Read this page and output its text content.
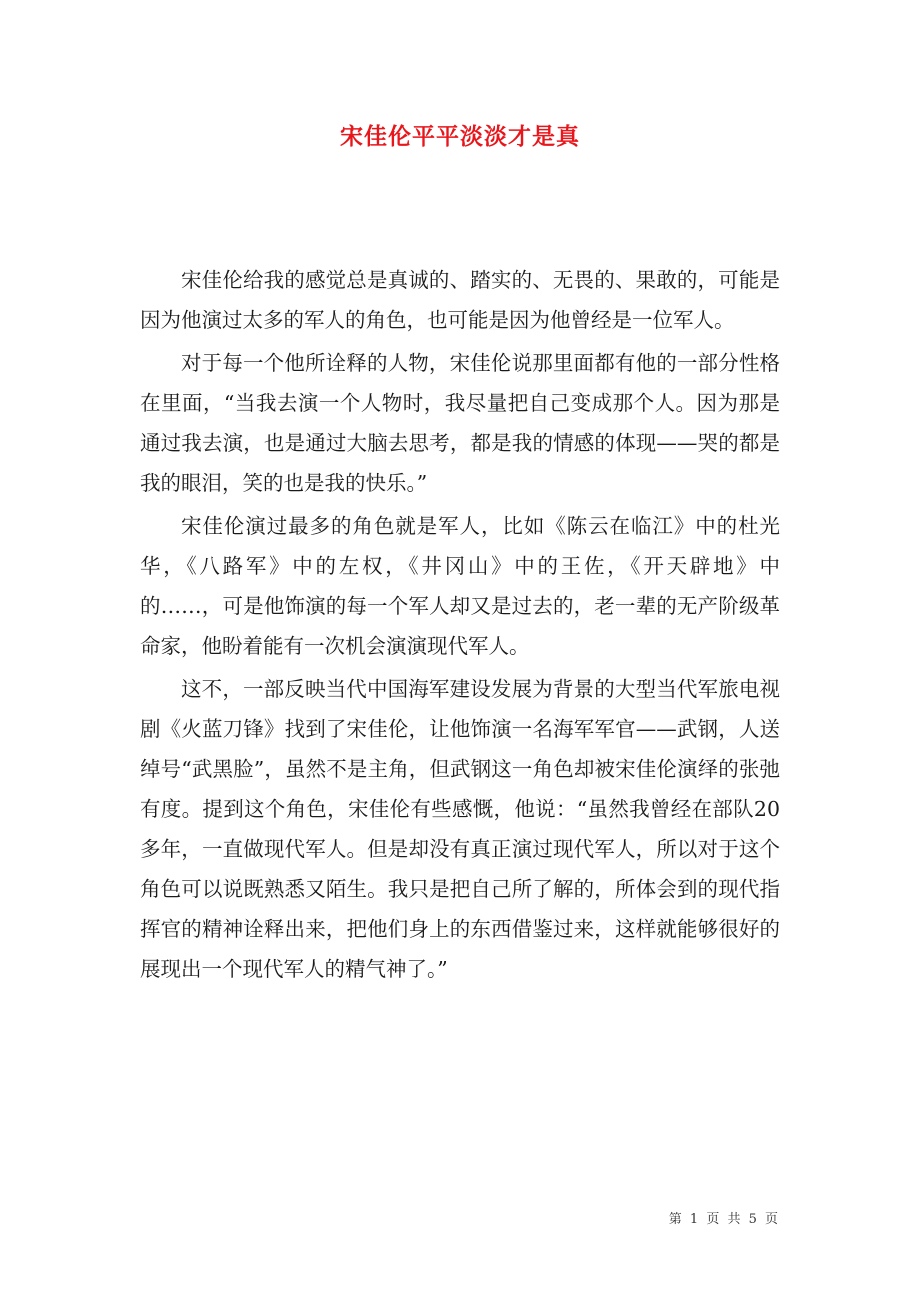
宋佳伦平平淡淡才是真

宋佳伦给我的感觉总是真诚的、踏实的、无畏的、果敢的，可能是因为他演过太多的军人的角色，也可能是因为他曾经是一位军人。

对于每一个他所诠释的人物，宋佳伦说那里面都有他的一部分性格在里面，“当我去演一个人物时，我尽量把自己变成那个人。因为那是通过我去演，也是通过大脑去思考，都是我的情感的体现——哭的都是我的眼泪，笑的也是我的快乐。”

宋佳伦演过最多的角色就是军人，比如《陈云在临江》中的杜光华，《八路军》中的左权，《井冈山》中的王佐，《开天辟地》中的……，可是他饰演的每一个军人却又是过去的，老一辈的无产阶级革命家，他盼着能有一次机会演演现代军人。

这不，一部反映当代中国海军建设发展为背景的大型当代军旅电视剧《火蓝刀锋》找到了宋佳伦，让他饰演一名海军军官——武钢，人送绰号“武黑脸”，虽然不是主角，但武钢这一角色却被宋佳伦演绎的张弛有度。提到这个角色，宋佳伦有些感慨，他说：“虽然我曾经在部队20多年，一直做现代军人。但是却没有真正演过现代军人，所以对于这个角色可以说既熟悉又陌生。我只是把自己所了解的，所体会到的现代指挥官的精神诠释出来，把他们身上的东西借鉴过来，这样就能够很好的展现出一个现代军人的精气神了。”

第 1 页 共 5 页
